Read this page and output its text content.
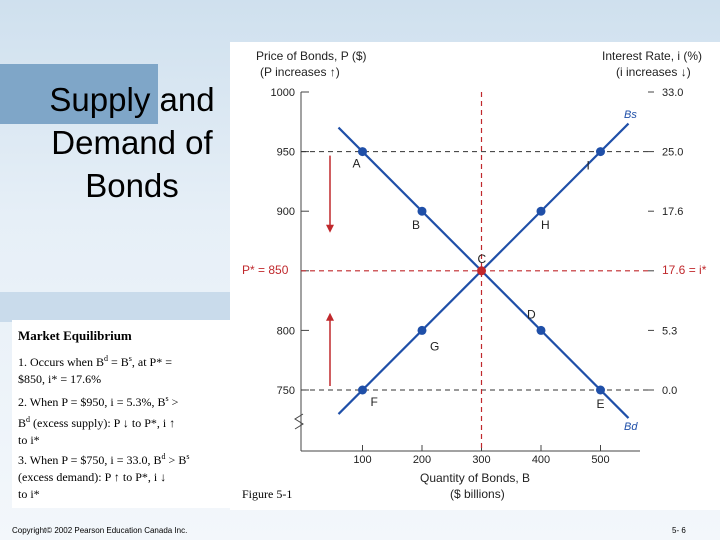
Supply and
Demand of
Bonds
Market Equilibrium
1. Occurs when $B^d = B^s$, at P* =
$850, i* = 17.6%
2. When P = $950, i = 5.3%, $B^s$ >
$B^d$ (excess supply): P ↓ to P*, i ↑
to i*
3. When P = $750, i = 33.0, $B^d > B^s$
(excess demand): P ↑ to P*, i ↓
to i*
Price of Bonds, P ($)
(P increases ↑)
Interest Rate, i (%)
(i increases ↓)
Quantity of Bonds, B
($ billions)
750	0.0
800	5.3
900	17.6
950	25.0
1000	33.0
100	200	300	400	500
A
B
C
D
E
F
G
H
I
P* = 850	17.6 = i*
Bs
Bd
Figure 5-1
Copyright© 2002 Pearson Education Canada Inc.	5- 6
